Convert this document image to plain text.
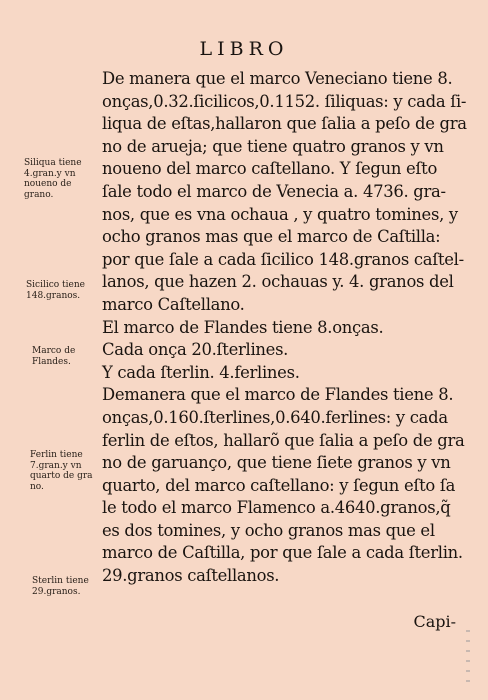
LIBRO
De manera que el marco Veneciano tiene 8.
onças,0.32.ſicilicos,0.1152. ſiliquas: y cada ſi-
liqua de eſtas,hallaron que ſalia a peſo de gra
no de aruejа; que tiene quatro granos y vn
noueno del marco caſtellano. Y ſegun eſto
ſale todo el marco de Venecia a. 4736. gra-
nos, que es vna ochaua , y quatro tomines, y
ocho granos mas que el marco de Caſtilla:
por que ſale a cada ſicilico 148.granos caſtel-
lanos, que hazen 2. ochauas y. 4. granos del
marco Caſtellano.
El marco de Flandes tiene 8.onças.
Cada onça 20.ſterlines.
Y cada ſterlin. 4.ferlines.
Demanera que el marco de Flandes tiene 8.
onças,0.160.ſterlines,0.640.ferlines: y cada
ferlin de eſtos, hallarõ que ſalia a peſo de gra
no de garuanço, que tiene ſiete granos y vn
quarto, del marco caſtellano: y ſegun eſto ſa
le todo el marco Flamenco a.4640.granos,q̃
es dos tomines, y ocho granos mas que el
marco de Caſtilla, por que ſale a cada ſterlin.
29.granos caſtellanos.
Siliqua tiene
4.gran.y vn
noueno de
grano.
Sicilico tiene
148.granos.
Marco de
Flandes.
Ferlin tiene
7.gran.y vn
quarto de gra
no.
Sterlin tiene
29.granos.
Capi-
